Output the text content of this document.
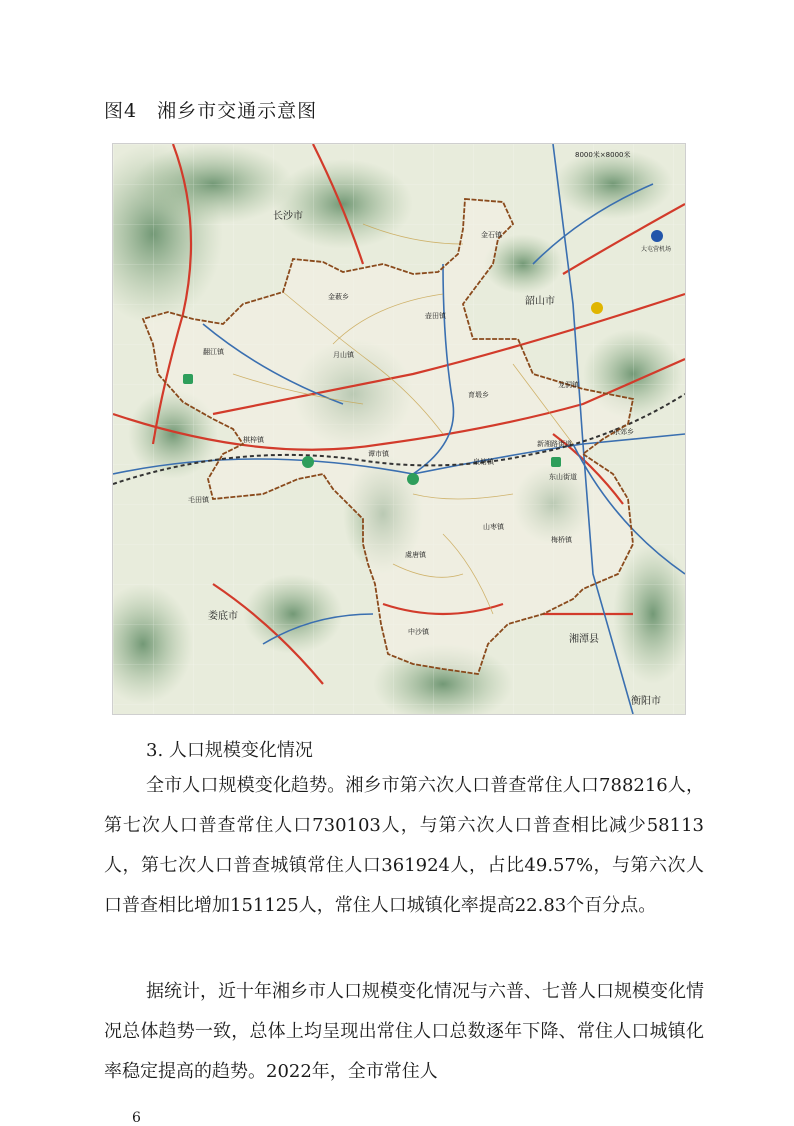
图4　湘乡市交通示意图
8000米×8000米
长沙市
韶山市
娄底市
湘潭县
衡阳市
大屯营机场
金石镇
金薮乡
壶田镇
龙洞镇
月山镇
翻江镇
育塅乡
东郊乡
棋梓镇
谭市镇
泉塘镇
毛田镇
山枣镇
虞唐镇
梅桥镇
中沙镇
东山街道
新湘路街道
3. 人口规模变化情况

全市人口规模变化趋势。湘乡市第六次人口普查常住人口788216人，第七次人口普查常住人口730103人，与第六次人口普查相比减少58113人，第七次人口普查城镇常住人口361924人，占比49.57%，与第六次人口普查相比增加151125人，常住人口城镇化率提高22.83个百分点。

据统计，近十年湘乡市人口规模变化情况与六普、七普人口规模变化情况总体趋势一致，总体上均呈现出常住人口总数逐年下降、常住人口城镇化率稳定提高的趋势。2022年，全市常住人

6
